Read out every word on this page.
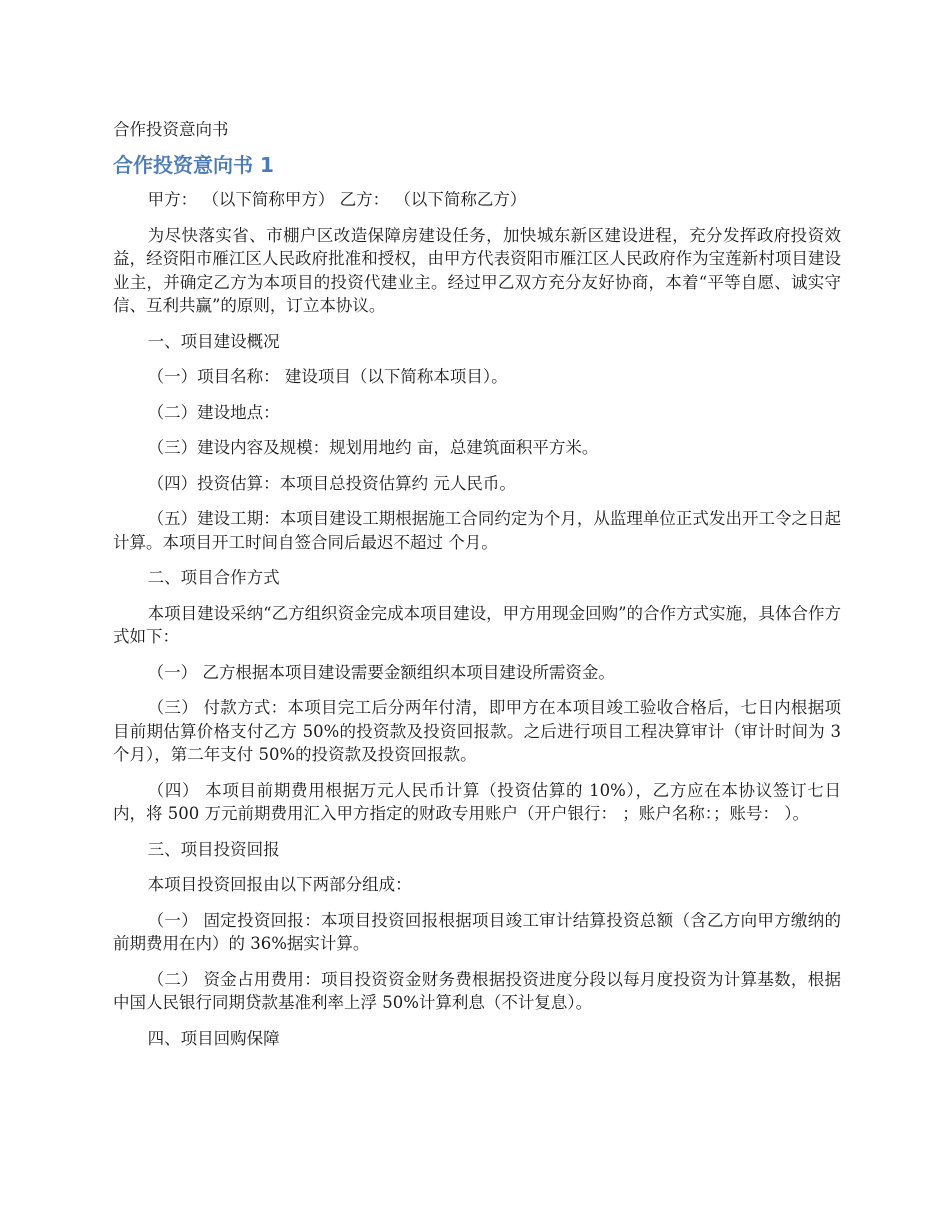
合作投资意向书
合作投资意向书 1

甲方： （以下简称甲方） 乙方： （以下简称乙方）

为尽快落实省、市棚户区改造保障房建设任务，加快城东新区建设进程，充分发挥政府投资效益，经资阳市雁江区人民政府批准和授权，由甲方代表资阳市雁江区人民政府作为宝莲新村项目建设业主，并确定乙方为本项目的投资代建业主。经过甲乙双方充分友好协商，本着“平等自愿、诚实守信、互利共赢”的原则，订立本协议。

一、项目建设概况

（一）项目名称： 建设项目（以下简称本项目）。

（二）建设地点：

（三）建设内容及规模：规划用地约 亩，总建筑面积平方米。

（四）投资估算：本项目总投资估算约 元人民币。

（五）建设工期：本项目建设工期根据施工合同约定为个月，从监理单位正式发出开工令之日起计算。本项目开工时间自签合同后最迟不超过 个月。

二、项目合作方式

本项目建设采纳“乙方组织资金完成本项目建设，甲方用现金回购”的合作方式实施，具体合作方式如下：

（一） 乙方根据本项目建设需要金额组织本项目建设所需资金。

（三） 付款方式：本项目完工后分两年付清，即甲方在本项目竣工验收合格后，七日内根据项目前期估算价格支付乙方 50%的投资款及投资回报款。之后进行项目工程决算审计（审计时间为 3 个月），第二年支付 50%的投资款及投资回报款。

（四） 本项目前期费用根据万元人民币计算（投资估算的 10%），乙方应在本协议签订七日内，将 500 万元前期费用汇入甲方指定的财政专用账户（开户银行： ；账户名称：；账号： ）。

三、项目投资回报

本项目投资回报由以下两部分组成：

（一） 固定投资回报：本项目投资回报根据项目竣工审计结算投资总额（含乙方向甲方缴纳的前期费用在内）的 36%据实计算。

（二） 资金占用费用：项目投资资金财务费根据投资进度分段以每月度投资为计算基数，根据中国人民银行同期贷款基准利率上浮 50%计算利息（不计复息）。

四、项目回购保障
